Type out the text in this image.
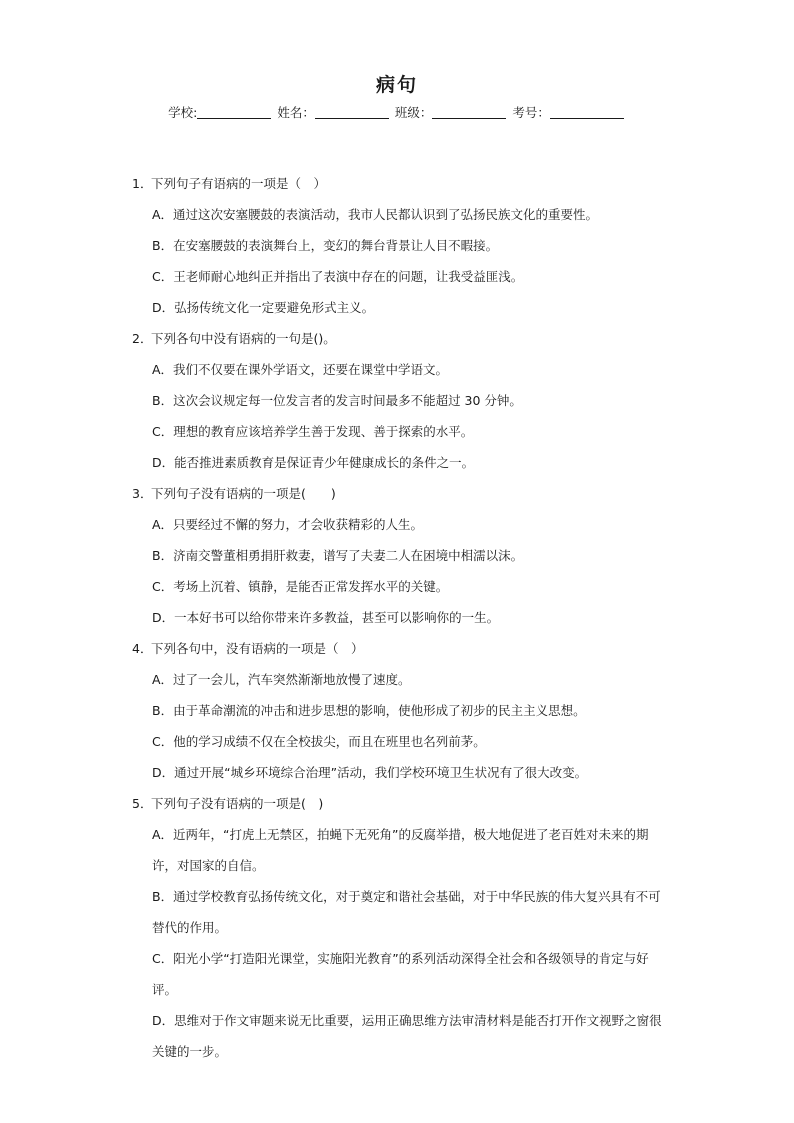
病句
学校:	姓名：	班级：	考号：
1．下列句子有语病的一项是（　）
A．通过这次安塞腰鼓的表演活动，我市人民都认识到了弘扬民族文化的重要性。
B．在安塞腰鼓的表演舞台上，变幻的舞台背景让人目不暇接。
C．王老师耐心地纠正并指出了表演中存在的问题，让我受益匪浅。
D．弘扬传统文化一定要避免形式主义。
2．下列各句中没有语病的一句是()。
A．我们不仅要在课外学语文，还要在课堂中学语文。
B．这次会议规定每一位发言者的发言时间最多不能超过 30 分钟。
C．理想的教育应该培养学生善于发现、善于探索的水平。
D．能否推进素质教育是保证青少年健康成长的条件之一。
3．下列句子没有语病的一项是(　　)
A．只要经过不懈的努力，才会收获精彩的人生。
B．济南交警董相勇捐肝救妻，谱写了夫妻二人在困境中相濡以沫。
C．考场上沉着、镇静，是能否正常发挥水平的关键。
D．一本好书可以给你带来许多教益，甚至可以影响你的一生。
4．下列各句中，没有语病的一项是（　）
A．过了一会儿，汽车突然渐渐地放慢了速度。
B．由于革命潮流的冲击和进步思想的影响，使他形成了初步的民主主义思想。
C．他的学习成绩不仅在全校拔尖，而且在班里也名列前茅。
D．通过开展“城乡环境综合治理”活动，我们学校环境卫生状况有了很大改变。
5．下列句子没有语病的一项是(　)
A．近两年，“打虎上无禁区，拍蝇下无死角”的反腐举措，极大地促进了老百姓对未来的期许，对国家的自信。
B．通过学校教育弘扬传统文化，对于奠定和谐社会基础，对于中华民族的伟大复兴具有不可替代的作用。
C．阳光小学“打造阳光课堂，实施阳光教育”的系列活动深得全社会和各级领导的肯定与好评。
D．思维对于作文审题来说无比重要，运用正确思维方法审清材料是能否打开作文视野之窗很关键的一步。
